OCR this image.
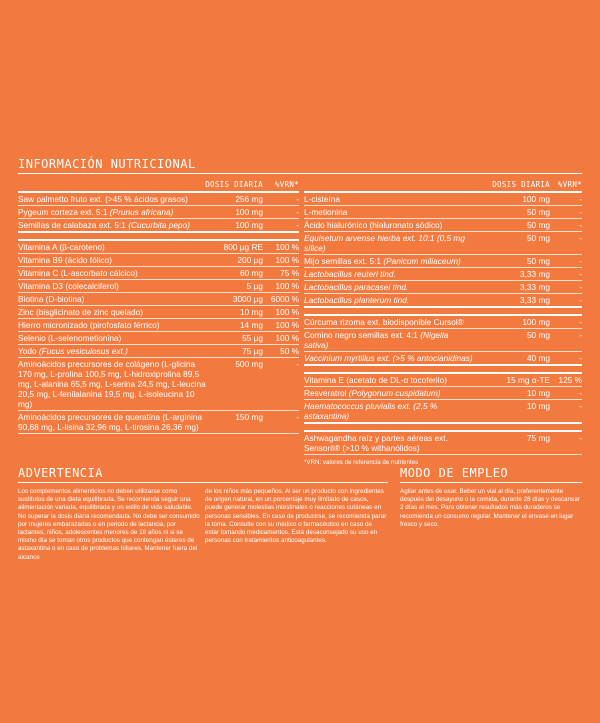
INFORMACIÓN NUTRICIONAL
DOSIS DIARIA	%VRN*
Saw palmetto fruto ext. (>45 % ácidos grasos)	256 mg	-
Pygeum corteza ext. 5:1 (Prunus africana)	100 mg	-
Semillas de calabaza ext. 5:1 (Cucurbita pepo)	100 mg	-
Vitamina A (β-caroteno)	800 µg RE	100 %
Vitamina B9 (ácido fólico)	200 µg	100 %
Vitamina C (L-ascorbato cálcico)	60 mg	75 %
Vitamina D3 (colecalciferol)	5 µg	100 %
Biotina (D-biotina)	3000 µg 6000 %
Zinc (bisglicinato de zinc quelado)	10 mg	100 %
Hierro micronizado (pirofosfato férrico)	14 mg	100 %
Selenio (L-selenometionina)	55 µg	100 %
Yodo (Fucus vesiculosus ext.)	75 µg	50 %
Aminoácidos precursores de colágeno (L-glicina 170 mg, L-prolina 100,5 mg, L-hidroxiprolina 89,5 mg, L-alanina 65,5 mg, L-serina 24,5 mg, L-leucina 20,5 mg, L-fenilalanina 19,5 mg, L-isoleucina 10 mg)
500 mg	-
Aminoácidos precursores de queratina (L-arginina 90,68 mg, L-lisina 32,96 mg, L-tirosina 26,36 mg)
150 mg	-
DOSIS DIARIA	%VRN*
L-cisteína	100 mg	-
L-metionina	50 mg	-
Ácido hialurónico (hialuronato sódico)	50 mg	-
Equisetum arvense hierba ext. 10:1 (0,5 mg sílice)
50 mg	-
Mijo semillas ext. 5:1 (Panicum miliaceum)	50 mg	-
Lactobacillus reuteri tind.	3,33 mg	-
Lactobacillus paracasei tind.	3,33 mg	-
Lactobacillus planterum tind.	3,33 mg	-
Cúrcuma rizoma ext. biodisponible Cursol®	100 mg	-
Comino negro semillas ext. 4:1 (Nigella sativa)
50 mg	-
Vaccinium myrtillus ext. (>5 % antocianidinas)	40 mg	-
Vitamina E (acetato de DL-α tocoferilo)	15 mg α-TE	125 %
Resveratrol (Polygonum cuspidatum)	10 mg	-
Haematococcus pluvialis ext. (2,5 % astaxantina)
10 mg	-
Ashwagandha raíz y partes aéreas ext. Sensoril® (>10 % withanólidos)
75 mg	-
*VRN: valores de referencia de nutrientes
ADVERTENCIA
Los complementos alimenticios no deben utilizarse como sustitutos de una dieta equilibrada. Se recomienda seguir una alimentación variada, equilibrada y un estilo de vida saludable. No superar la dosis diaria recomendada. No debe ser consumido por mujeres embarazadas o en periodo de lactancia, por lactantes, niños, adolescentes menores de 18 años ni si se mismo día se toman otros productos que contengan ésteres de astaxantina o en caso de problemas biliares. Mantener fuera del alcance
de los niños más pequeños. Al ser un producto con ingredientes de origen natural, en un porcentaje muy limitado de casos, puede generar molestias intestinales o reacciones cutáneas en personas sensibles. En caso de producirse, se recomienda parar la toma. Consulte con su médico o farmacéutico en caso de estar tomando medicamentos. Está desaconsejado su uso en personas con tratamientos anticoagulantes.
MODO DE EMPLEO
Agitar antes de usar. Beber un vial al día, preferentemente después del desayuno o la comida, durante 28 días y descansar 2 días al mes. Para obtener resultados más duraderos se recomienda un consumo regular. Mantener el envase en lugar fresco y seco.
